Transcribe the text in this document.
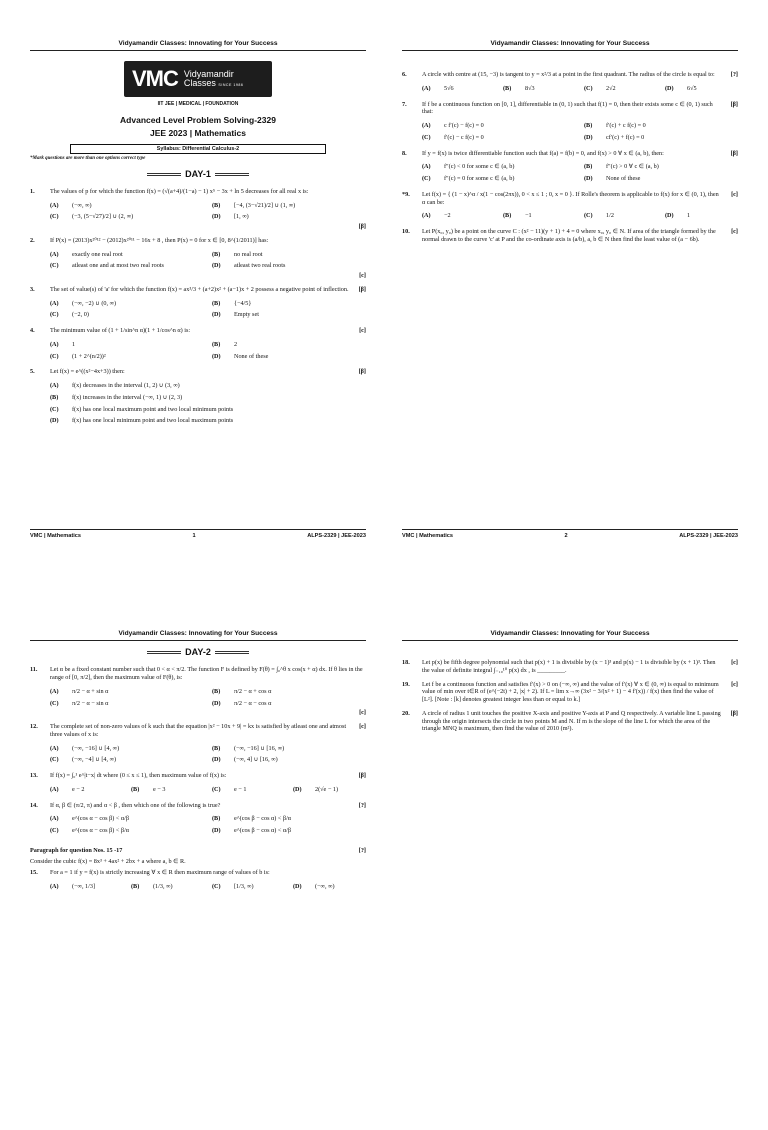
Vidyamandir Classes: Innovating for Your Success
VMC Vidyamandir
Classes SINCE 1986
IIT JEE | MEDICAL | FOUNDATION
Advanced Level Problem Solving-2329
JEE 2023 | Mathematics
Syllabus: Differential Calculus-2
*Mark questions are more than one options correct type
DAY-1
1.	The values of p for which the function f(x) = (√(a+4)/(1−a) − 1) x⁵ − 3x + ln 5 decreases for all real x is:
(A)	(−∞, ∞)	(B)	[−4, (3−√21)/2] ∪ (1, ∞)
(C)	(−3, (5−√27)/2] ∪ (2, ∞)	(D)	[1, ∞)
[β]
2.	If P(x) = (2013)x²⁰¹² − (2012)x²⁰¹¹ − 16x + 8 , then P(x) = 0 for x ∈ [0, 8^(1/2011)] has:
(A)	exactly one real root	(B)	no real root
(C)	atleast one and at most two real roots	(D)	atleast two real roots
[c]
3.	The set of value(s) of 'a' for which the function f(x) = ax³/3 + (a+2)x² + (a−1)x + 2 possess a negative point of inflection. [β]
(A)	(−∞, −2) ∪ (0, ∞)	(B)	{−4/5}
(C)	(−2, 0)	(D)	Empty set
4.	The minimum value of (1 + 1/sin^n α)(1 + 1/cos^n α) is:	[c]
(A)	1	(B)	2
(C)	(1 + 2^(n/2))²	(D)	None of these
5.	Let f(x) = e^((x²−4x+3)) then:	[β]
(A)	f(x) decreases in the interval (1, 2) ∪ (3, ∞)
(B)	f(x) increases in the interval (−∞, 1) ∪ (2, 3)
(C)	f(x) has one local maximum point and two local minimum points
(D)	f(x) has one local minimum point and two local maximum points
VMC | Mathematics	1	ALPS-2329 | JEE-2023
Vidyamandir Classes: Innovating for Your Success
6.	A circle with centre at (15, −3) is tangent to y = x²/3 at a point in the first quadrant. The radius of the circle is equal to:	[?]
(A)	5√6	(B)	8√3	(C)	2√2	(D)	6√5
7.	If f be a continuous function on [0, 1], differentiable in (0, 1) such that f(1) = 0, then their exists some c ∈ (0, 1) such that:
[β]
(A)	c f′(c) − f(c) = 0	(B)	f′(c) + c f(c) = 0
(C)	f′(c) − c f(c) = 0	(D)	cf′(c) + f(c) = 0
8.	If y = f(x) is twice differentiable function such that f(a) = f(b) = 0, and f(x) > 0 ∀ x ∈ (a, b), then:	[β]
(A)	f″(c) < 0 for some c ∈ (a, b)	(B)	f″(c) > 0 ∀ c ∈ (a, b)
(C)	f″(c) = 0 for some c ∈ (a, b)	(D)	None of these
*9.	Let f(x) = { (1 − x)^α / x(1 − cos(2πx)), 0 < x ≤ 1 ; 0, x = 0 }. If Rolle's theorem is applicable to f(x) for x ∈ (0, 1), then α can be:
[c]
(A)	−2	(B)	−1	(C)	1/2	(D)	1
10.	Let P(x₀, y₀) be a point on the curve C : (x² − 11)(y + 1) + 4 = 0 where x₀, y₀ ∈ N. If area of the triangle formed by the normal drawn to the curve 'c' at P and the co-ordinate axis is (a/b), a, b ∈ N then find the least value of (a − 6b).
[c]
VMC | Mathematics	2	ALPS-2329 | JEE-2023
Vidyamandir Classes: Innovating for Your Success
DAY-2
11.	Let α be a fixed constant number such that 0 < α < π/2. The function F is defined by F(θ) = ∫₀^θ x cos(x + α) dx. If θ lies in the range of [0, π/2], then the maximum value of F(θ), is:
(A)	π/2 − α + sin α	(B)	π/2 − α + cos α
(C)	π/2 − α − sin α	(D)	π/2 − α − cos α
[c]
12.	The complete set of non-zero values of k such that the equation |x² − 10x + 9| = kx is satisfied by atleast one and atmost three values of x is:
[c]
(A)	(−∞, −16] ∪ [4, ∞)	(B)	(−∞, −16] ∪ [16, ∞)
(C)	(−∞, −4] ∪ [4, ∞)	(D)	(−∞, 4] ∪ [16, ∞)
13.	If f(x) = ∫₀¹ e^|t−x| dt where (0 ≤ x ≤ 1), then maximum value of f(x) is:	[β]
(A)	e − 2	(B)	e − 3	(C)	e − 1	(D)	2(√e − 1)
14.	If α, β ∈ (π/2, π) and α < β , then which one of the following is true?	[?]
(A)	e^(cos α − cos β) < α/β	(B)	e^(cos β − cos α) < β/α
(C)	e^(cos α − cos β) < β/α	(D)	e^(cos β − cos α) < α/β
Paragraph for question Nos. 15 -17	[?]
Consider the cubic f(x) = 8x³ + 4ax² + 2bx + a where a, b ∈ R.
15.	For a = 1 if y = f(x) is strictly increasing ∀ x ∈ R then maximum range of values of b is:
(A)	(−∞, 1/3]	(B)	(1/3, ∞)	(C)	[1/3, ∞)	(D)	(−∞, ∞)
Vidyamandir Classes: Innovating for Your Success
18.	Let p(x) be fifth degree polynomial such that p(x) + 1 is divisible by (x − 1)³ and p(x) − 1 is divisible by (x + 1)³. Then the value of definite integral ∫₋₁₀¹⁰ p(x) dx , is _________.
[c]
19.	Let f be a continuous function and satisfies f′(x) > 0 on (−∞, ∞) and the value of f′(x) ∀ x ∈ (0, ∞) is equal to minimum value of min over t∈R of (e^(−2t) + 2, |x| + 2). If L = lim x→∞ (3x² − 3/(x² + 1) − 4 f′(x)) / f(x) then find the value of [L²]. [Note : [k] denotes greatest integer less than or equal to k.]
[c]
20.	A circle of radius 1 unit touches the positive X-axis and positive Y-axis at P and Q respectively. A variable line L passing through the origin intersects the circle in two points M and N. If m is the slope of the line L for which the area of the triangle MNQ is maximum, then find the value of 2010 (m²).
[β]
